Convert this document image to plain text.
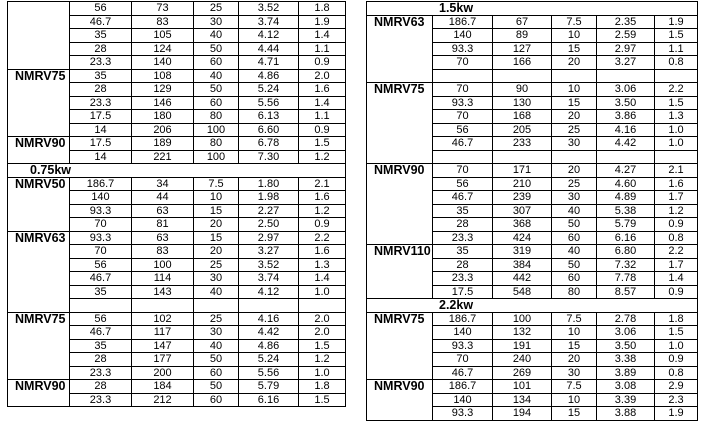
	56	73	25	3.52	1.8
	46.7	83	30	3.74	1.9
	35	105	40	4.12	1.4
	28	124	50	4.44	1.1
	23.3	140	60	4.71	0.9
NMRV75	35	108	40	4.86	2.0
	28	129	50	5.24	1.6
	23.3	146	60	5.56	1.4
	17.5	180	80	6.13	1.1
	14	206	100	6.60	0.9
NMRV90	17.5	189	80	6.78	1.5
	14	221	100	7.30	1.2
0.75kw					
NMRV50	186.7	34	7.5	1.80	2.1
	140	44	10	1.98	1.6
	93.3	63	15	2.27	1.2
	70	81	20	2.50	0.9
NMRV63	93.3	63	15	2.97	2.2
	70	83	20	3.27	1.6
	56	100	25	3.52	1.3
	46.7	114	30	3.74	1.4
	35	143	40	4.12	1.0

NMRV75	56	102	25	4.16	2.0
	46.7	117	30	4.42	2.0
	35	147	40	4.86	1.5
	28	177	50	5.24	1.2
	23.3	200	60	5.56	1.0
NMRV90	28	184	50	5.79	1.8
	23.3	212	60	6.16	1.5
1.5kw					
NMRV63	186.7	67	7.5	2.35	1.9
	140	89	10	2.59	1.5
	93.3	127	15	2.97	1.1
	70	166	20	3.27	0.8

NMRV75	70	90	10	3.06	2.2
	93.3	130	15	3.50	1.5
	70	168	20	3.86	1.3
	56	205	25	4.16	1.0
	46.7	233	30	4.42	1.0

NMRV90	70	171	20	4.27	2.1
	56	210	25	4.60	1.6
	46.7	239	30	4.89	1.7
	35	307	40	5.38	1.2
	28	368	50	5.79	0.9
	23.3	424	60	6.16	0.8
NMRV110	35	319	40	6.80	2.2
	28	384	50	7.32	1.7
	23.3	442	60	7.78	1.4
	17.5	548	80	8.57	0.9
2.2kw					
NMRV75	186.7	100	7.5	2.78	1.8
	140	132	10	3.06	1.5
	93.3	191	15	3.50	1.0
	70	240	20	3.38	0.9
	46.7	269	30	3.89	0.8
NMRV90	186.7	101	7.5	3.08	2.9
	140	134	10	3.39	2.3
	93.3	194	15	3.88	1.9
